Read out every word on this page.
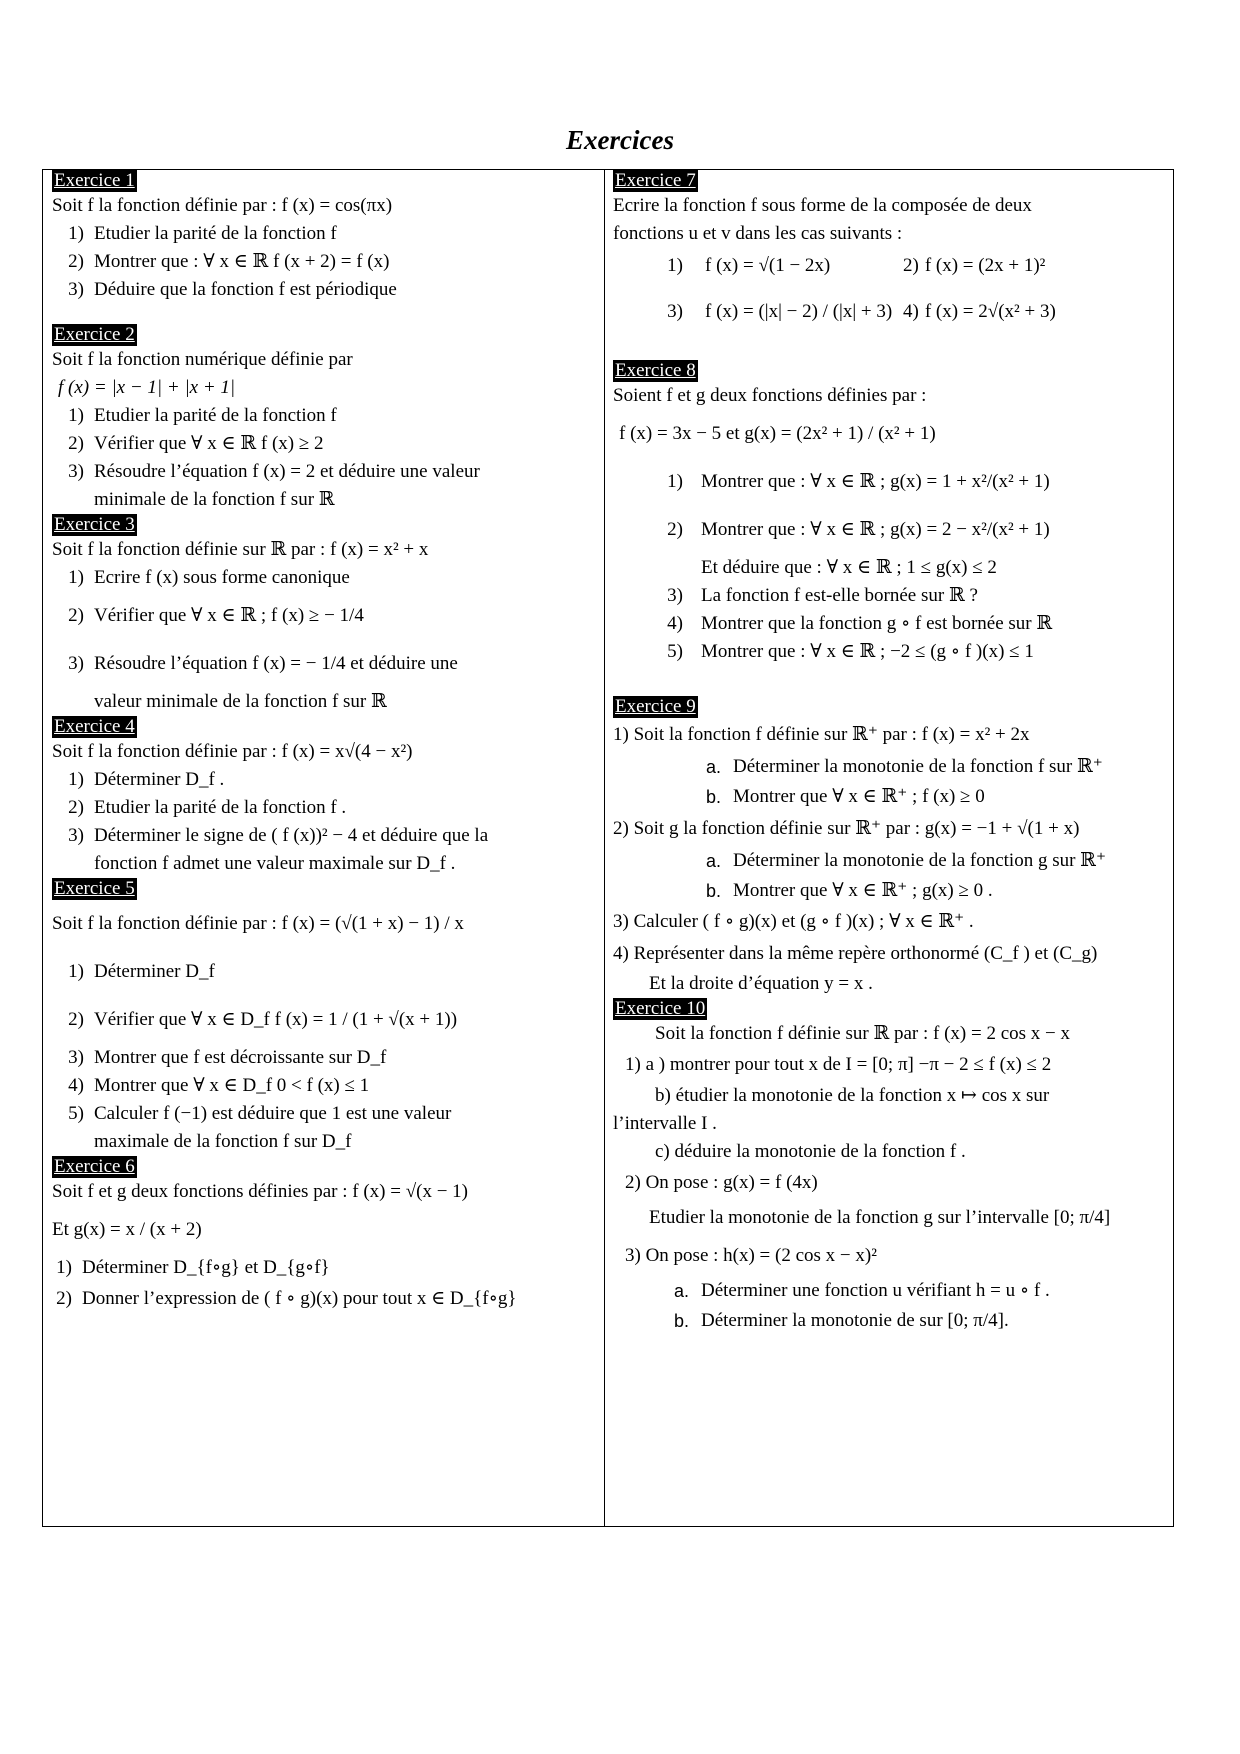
Exercices
Exercice 1
Soit f la fonction définie par : f (x) = cos(πx)
1) Etudier la parité de la fonction f
2) Montrer que : ∀ x ∈ ℝ f (x + 2) = f (x)
3) Déduire que la fonction f est périodique
Exercice 2
Soit f la fonction numérique définie par
f (x) = |x − 1| + |x + 1|
1) Etudier la parité de la fonction f
2) Vérifier que ∀ x ∈ ℝ f (x) ≥ 2
3) Résoudre l’équation f (x) = 2 et déduire une valeur
minimale de la fonction f sur ℝ
Exercice 3
Soit f la fonction définie sur ℝ par : f (x) = x² + x
1) Ecrire f (x) sous forme canonique
2) Vérifier que ∀ x ∈ ℝ ; f (x) ≥ − 1/4
3) Résoudre l’équation f (x) = − 1/4 et déduire une
valeur minimale de la fonction f sur ℝ
Exercice 4
Soit f la fonction définie par : f (x) = x√(4 − x²)
1) Déterminer D_f .
2) Etudier la parité de la fonction f .
3) Déterminer le signe de ( f (x))² − 4 et déduire que la
fonction f admet une valeur maximale sur D_f .
Exercice 5
Soit f la fonction définie par : f (x) = (√(1 + x) − 1) / x
1) Déterminer D_f
2) Vérifier que ∀ x ∈ D_f f (x) = 1 / (1 + √(x + 1))
3) Montrer que f est décroissante sur D_f
4) Montrer que ∀ x ∈ D_f 0 < f (x) ≤ 1
5) Calculer f (−1) est déduire que 1 est une valeur
maximale de la fonction f sur D_f
Exercice 6
Soit f et g deux fonctions définies par : f (x) = √(x − 1)
Et g(x) = x / (x + 2)
1) Déterminer D_{f∘g} et D_{g∘f}
2) Donner l’expression de ( f ∘ g)(x) pour tout x ∈ D_{f∘g}
Exercice 7
Ecrire la fonction f sous forme de la composée de deux
fonctions u et v dans les cas suivants :
1)	f (x) = √(1 − 2x)	2) f (x) = (2x + 1)²
3)	f (x) = (|x| − 2) / (|x| + 3) 4) f (x) = 2√(x² + 3)
Exercice 8
Soient f et g deux fonctions définies par :
f (x) = 3x − 5 et g(x) = (2x² + 1) / (x² + 1)
1) Montrer que : ∀ x ∈ ℝ ; g(x) = 1 + x²/(x² + 1)
2) Montrer que : ∀ x ∈ ℝ ; g(x) = 2 − x²/(x² + 1)
Et déduire que : ∀ x ∈ ℝ ; 1 ≤ g(x) ≤ 2
3) La fonction f est-elle bornée sur ℝ ?
4) Montrer que la fonction g ∘ f est bornée sur ℝ
5) Montrer que : ∀ x ∈ ℝ ; −2 ≤ (g ∘ f )(x) ≤ 1
Exercice 9
1) Soit la fonction f définie sur ℝ⁺ par : f (x) = x² + 2x
a. Déterminer la monotonie de la fonction f sur ℝ⁺
b. Montrer que ∀ x ∈ ℝ⁺ ; f (x) ≥ 0
2) Soit g la fonction définie sur ℝ⁺ par : g(x) = −1 + √(1 + x)
a. Déterminer la monotonie de la fonction g sur ℝ⁺
b. Montrer que ∀ x ∈ ℝ⁺ ; g(x) ≥ 0 .
3) Calculer ( f ∘ g)(x) et (g ∘ f )(x) ; ∀ x ∈ ℝ⁺ .
4) Représenter dans la même repère orthonormé (C_f ) et (C_g)
Et la droite d’équation y = x .
Exercice 10
Soit la fonction f définie sur ℝ par : f (x) = 2 cos x − x
1) a ) montrer pour tout x de I = [0; π] −π − 2 ≤ f (x) ≤ 2
b) étudier la monotonie de la fonction x ↦ cos x sur
l’intervalle I .
c) déduire la monotonie de la fonction f .
2) On pose : g(x) = f (4x)
Etudier la monotonie de la fonction g sur l’intervalle [0; π/4]
3) On pose : h(x) = (2 cos x − x)²
a. Déterminer une fonction u vérifiant h = u ∘ f .
b. Déterminer la monotonie de sur [0; π/4].
